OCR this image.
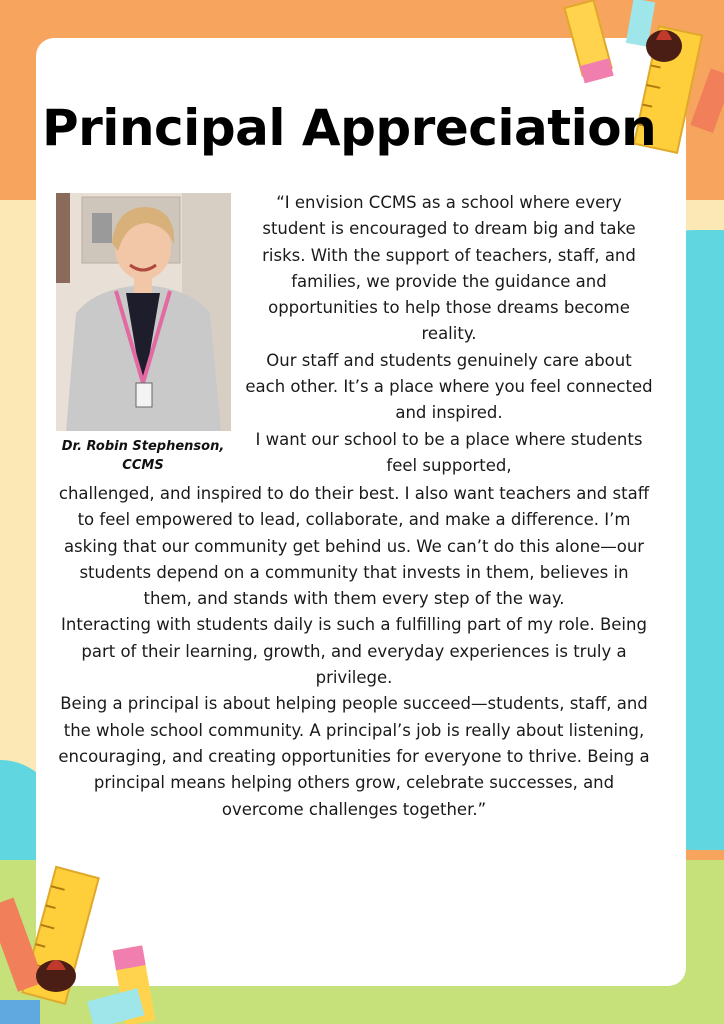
Principal Appreciation
Dr. Robin Stephenson,
CCMS

“I envision CCMS as a school where every student is encouraged to dream big and take risks. With the support of teachers, staff, and families, we provide the guidance and opportunities to help those dreams become reality.

Our staff and students genuinely care about each other. It’s a place where you feel connected and inspired.

I want our school to be a place where students feel supported,

challenged, and inspired to do their best. I also want teachers and staff to feel empowered to lead, collaborate, and make a difference. I’m asking that our community get behind us. We can’t do this alone—our students depend on a community that invests in them, believes in them, and stands with them every step of the way.

Interacting with students daily is such a fulfilling part of my role. Being part of their learning, growth, and everyday experiences is truly a privilege.

Being a principal is about helping people succeed—students, staff, and the whole school community. A principal’s job is really about listening, encouraging, and creating opportunities for everyone to thrive. Being a principal means helping others grow, celebrate successes, and overcome challenges together.”
